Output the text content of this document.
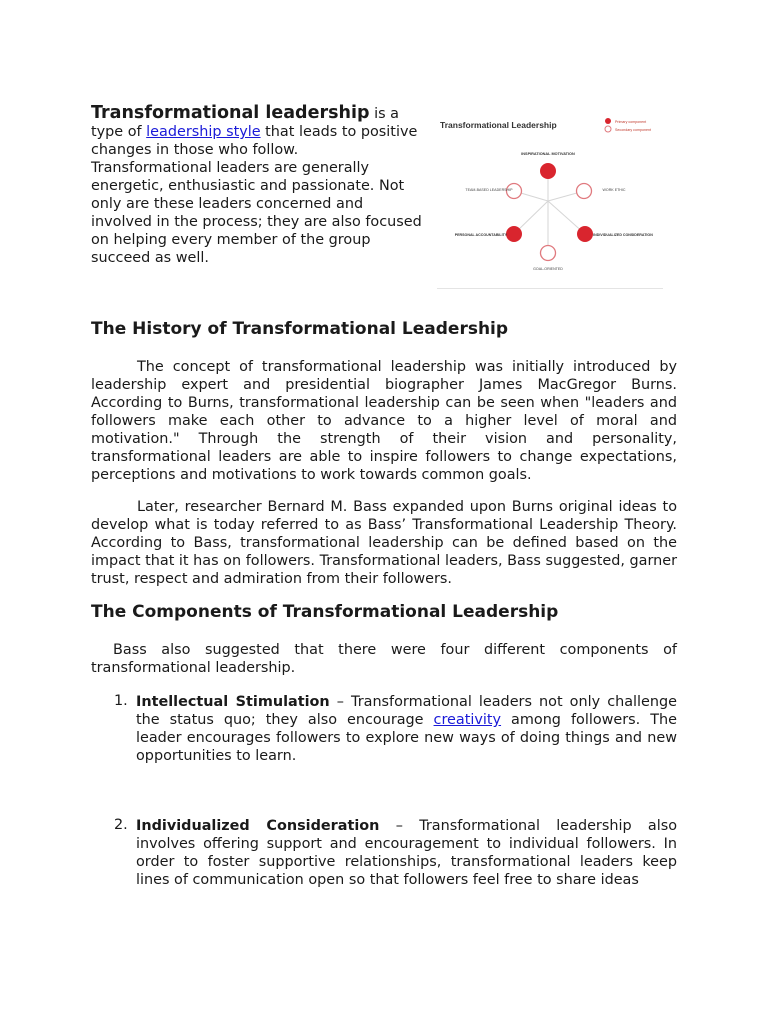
Transformational leadership is a type of leadership style that leads to positive changes in those who follow. Transformational leaders are generally energetic, enthusiastic and passionate. Not only are these leaders concerned and involved in the process; they are also focused on helping every member of the group succeed as well.

Transformational Leadership	Primary component
Secondary component
INSPIRATIONAL MOTIVATION
TEAM-BASED LEADERSHIP	WORK ETHIC
PERSONAL ACCOUNTABILITY	INDIVIDUALIZED CONSIDERATION
GOAL-ORIENTED
The History of Transformational Leadership

The concept of transformational leadership was initially introduced by leadership expert and presidential biographer James MacGregor Burns. According to Burns, transformational leadership can be seen when "leaders and followers make each other to advance to a higher level of moral and motivation." Through the strength of their vision and personality, transformational leaders are able to inspire followers to change expectations, perceptions and motivations to work towards common goals.

Later, researcher Bernard M. Bass expanded upon Burns original ideas to develop what is today referred to as Bass’ Transformational Leadership Theory. According to Bass, transformational leadership can be defined based on the impact that it has on followers. Transformational leaders, Bass suggested, garner trust, respect and admiration from their followers.

The Components of Transformational Leadership

Bass also suggested that there were four different components of transformational leadership.

1. Intellectual Stimulation – Transformational leaders not only challenge the status quo; they also encourage creativity among followers. The leader encourages followers to explore new ways of doing things and new opportunities to learn.

2. Individualized Consideration – Transformational leadership also involves offering support and encouragement to individual followers. In order to foster supportive relationships, transformational leaders keep lines of communication open so that followers feel free to share ideas
